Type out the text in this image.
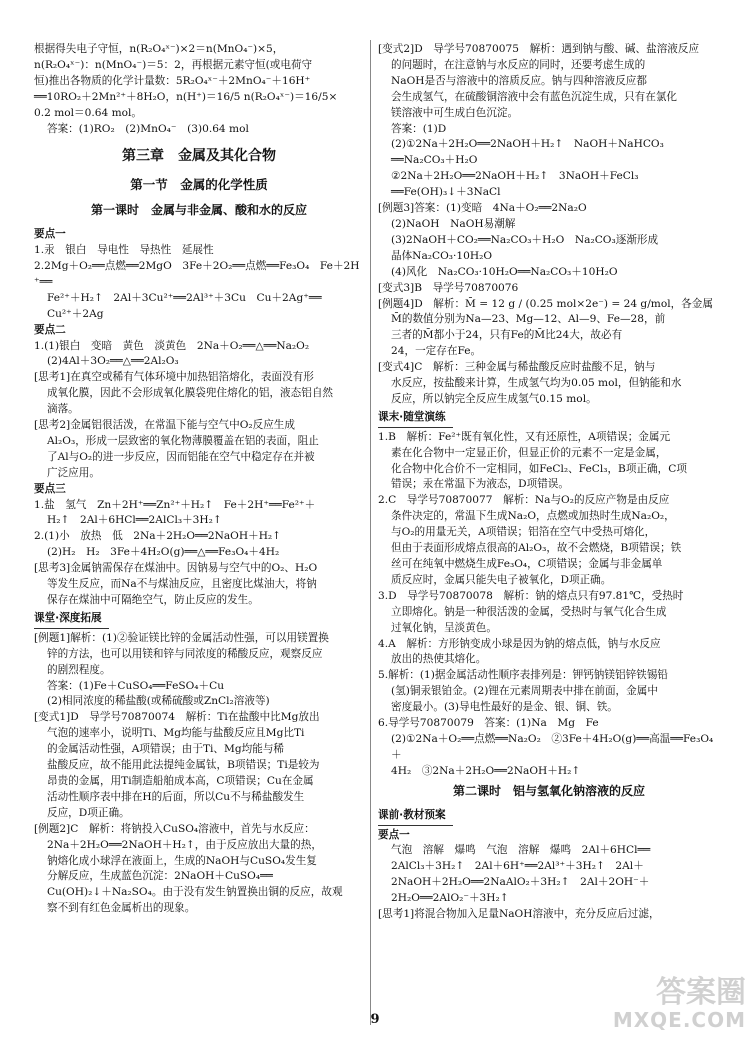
根据得失电子守恒，n(R₂O₄ˣ⁻)×2＝n(MnO₄⁻)×5，
n(R₂O₄ˣ⁻)：n(MnO₄⁻)＝5：2，再根据元素守恒(或电荷守
恒)推出各物质的化学计量数：5R₂O₄ˣ⁻＋2MnO₄⁻＋16H⁺
══10RO₂＋2Mn²⁺＋8H₂O，n(H⁺)＝16/5 n(R₂O₄ˣ⁻)＝16/5×
0.2 mol＝0.64 mol。
答案：(1)RO₂　(2)MnO₄⁻　(3)0.64 mol
第三章　金属及其化合物
第一节　金属的化学性质
第一课时　金属与非金属、酸和水的反应
要点一
1.汞　银白　导电性　导热性　延展性
2.2Mg＋O₂══点燃══2MgO　3Fe＋2O₂══点燃══Fe₃O₄　Fe＋2H⁺══
Fe²⁺＋H₂↑　2Al＋3Cu²⁺══2Al³⁺＋3Cu　Cu＋2Ag⁺══
Cu²⁺＋2Ag
要点二
1.(1)银白　变暗　黄色　淡黄色　2Na＋O₂══△══Na₂O₂
(2)4Al＋3O₂══△══2Al₂O₃
[思考1]在真空或稀有气体环境中加热铝箔熔化，表面没有形
成氧化膜，因此不会形成氧化膜袋兜住熔化的铝，液态铝自然
滴落。
[思考2]金属铝很活泼，在常温下能与空气中O₂反应生成
Al₂O₃，形成一层致密的氧化物薄膜覆盖在铝的表面，阻止
了Al与O₂的进一步反应，因而铝能在空气中稳定存在并被
广泛应用。
要点三
1.盐　氢气　Zn＋2H⁺══Zn²⁺＋H₂↑　Fe＋2H⁺══Fe²⁺＋
H₂↑　2Al＋6HCl══2AlCl₃＋3H₂↑
2.(1)小　放热　低　2Na＋2H₂O══2NaOH＋H₂↑
(2)H₂　H₂　3Fe＋4H₂O(g)══△══Fe₃O₄＋4H₂
[思考3]金属钠需保存在煤油中。因钠易与空气中的O₂、H₂O
等发生反应，而Na不与煤油反应，且密度比煤油大，将钠
保存在煤油中可隔绝空气，防止反应的发生。
课堂·深度拓展
[例题1]解析：(1)②验证镁比锌的金属活动性强，可以用镁置换
锌的方法，也可以用镁和锌与同浓度的稀酸反应，观察反应
的剧烈程度。
答案：(1)Fe＋CuSO₄══FeSO₄＋Cu
(2)相同浓度的稀盐酸(或稀硫酸或ZnCl₂溶液等)
[变式1]D　导学号70870074　解析：Ti在盐酸中比Mg放出
气泡的速率小，说明Ti、Mg均能与盐酸反应且Mg比Ti
的金属活动性强，A项错误；由于Ti、Mg均能与稀
盐酸反应，故不能用此法提纯金属钛，B项错误；Ti是较为
昂贵的金属，用Ti制造船舶成本高，C项错误；Cu在金属
活动性顺序表中排在H的后面，所以Cu不与稀盐酸发生
反应，D项正确。
[例题2]C　解析：将钠投入CuSO₄溶液中，首先与水反应：
2Na＋2H₂O══2NaOH＋H₂↑，由于反应放出大量的热，
钠熔化成小球浮在液面上，生成的NaOH与CuSO₄发生复
分解反应，生成蓝色沉淀：2NaOH＋CuSO₄══
Cu(OH)₂↓＋Na₂SO₄。由于没有发生钠置换出铜的反应，故观
察不到有红色金属析出的现象。
[变式2]D　导学号70870075　解析：遇到钠与酸、碱、盐溶液反应
的问题时，在注意钠与水反应的同时，还要考虑生成的
NaOH是否与溶液中的溶质反应。钠与四种溶液反应都
会生成氢气，在硫酸铜溶液中会有蓝色沉淀生成，只有在氯化
镁溶液中可生成白色沉淀。
答案：(1)D
(2)①2Na＋2H₂O══2NaOH＋H₂↑　NaOH＋NaHCO₃
══Na₂CO₃＋H₂O
②2Na＋2H₂O══2NaOH＋H₂↑　3NaOH＋FeCl₃
══Fe(OH)₃↓＋3NaCl
[例题3]答案：(1)变暗　4Na＋O₂══2Na₂O
(2)NaOH　NaOH易潮解
(3)2NaOH＋CO₂══Na₂CO₃＋H₂O　Na₂CO₃逐渐形成
晶体Na₂CO₃·10H₂O
(4)风化　Na₂CO₃·10H₂O══Na₂CO₃＋10H₂O
[变式3]B　导学号70870076
[例题4]D　解析：M̄ = 12 g / (0.25 mol×2e⁻) = 24 g/mol，各金属
M̄的数值分别为Na—23、Mg—12、Al—9、Fe—28，前
三者的M̄都小于24，只有Fe的M̄比24大，故必有
24，一定存在Fe。
[变式4]C　解析：三种金属与稀盐酸反应时盐酸不足，钠与
水反应，按盐酸来计算，生成氢气均为0.05 mol，但钠能和水
反应，所以钠完全反应生成氢气0.15 mol。
课末·随堂演练
1.B　解析：Fe²⁺既有氧化性，又有还原性，A项错误；金属元
素在化合物中一定显正价，但显正价的元素不一定是金属，
化合物中化合价不一定相同，如FeCl₂、FeCl₃，B项正确，C项
错误；汞在常温下为液态，D项错误。
2.C　导学号70870077　解析：Na与O₂的反应产物是由反应
条件决定的，常温下生成Na₂O，点燃或加热时生成Na₂O₂，
与O₂的用量无关，A项错误；铝箔在空气中受热可熔化，
但由于表面形成熔点很高的Al₂O₃，故不会燃烧，B项错误；铁
丝可在纯氧中燃烧生成Fe₃O₄，C项错误；金属与非金属单
质反应时，金属只能失电子被氧化，D项正确。
3.D　导学号70870078　解析：钠的熔点只有97.81℃，受热时
立即熔化。钠是一种很活泼的金属，受热时与氧气化合生成
过氧化钠，呈淡黄色。
4.A　解析：方形钠变成小球是因为钠的熔点低，钠与水反应
放出的热使其熔化。
5.解析：(1)据金属活动性顺序表排列是：钾钙钠镁铝锌铁锡铅
(氢)铜汞银铂金。(2)锂在元素周期表中排在前面，金属中
密度最小。(3)导电性最好的是金、银、铜、铁。
6.导学号70870079　答案：(1)Na　Mg　Fe
(2)①2Na＋O₂══点燃══Na₂O₂　②3Fe＋4H₂O(g)══高温══Fe₃O₄＋
4H₂　③2Na＋2H₂O══2NaOH＋H₂↑
第二课时　铝与氢氧化钠溶液的反应
课前·教材预案
要点一
气泡　溶解　爆鸣　气泡　溶解　爆鸣　2Al＋6HCl══
2AlCl₃＋3H₂↑　2Al＋6H⁺══2Al³⁺＋3H₂↑　2Al＋
2NaOH＋2H₂O══2NaAlO₂＋3H₂↑　2Al＋2OH⁻＋
2H₂O══2AlO₂⁻＋3H₂↑
[思考1]将混合物加入足量NaOH溶液中，充分反应后过滤，
9
答案圈
MXQE.COM
